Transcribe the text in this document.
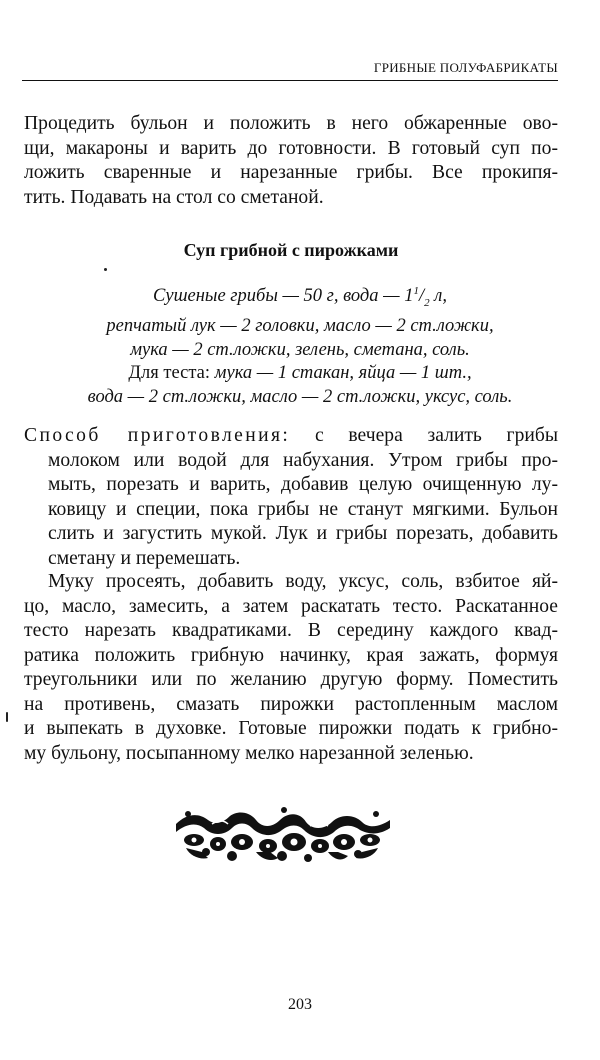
ГРИБНЫЕ ПОЛУФАБРИКАТЫ
Процедить бульон и положить в него обжаренные ово-
щи, макароны и варить до готовности. В готовый суп по-
ложить сваренные и нарезанные грибы. Все прокипя-
тить. Подавать на стол со сметаной.
Суп грибной с пирожками
Сушеные грибы — 50 г, вода — $1^1/_2$ л,
репчатый лук — 2 головки, масло — 2 ст.ложки,
мука — 2 ст.ложки, зелень, сметана, соль.
Для теста: мука — 1 стакан, яйца — 1 шт.,
вода — 2 ст.ложки, масло — 2 ст.ложки, уксус, соль.
Способ приготовления: с вечера залить грибы
молоком или водой для набухания. Утром грибы про-
мыть, порезать и варить, добавив целую очищенную лу-
ковицу и специи, пока грибы не станут мягкими. Бульон
слить и загустить мукой. Лук и грибы порезать, добавить
сметану и перемешать.
Муку просеять, добавить воду, уксус, соль, взбитое яй-
цо, масло, замесить, а затем раскатать тесто. Раскатанное
тесто нарезать квадратиками. В середину каждого квад-
ратика положить грибную начинку, края зажать, формуя
треугольники или по желанию другую форму. Поместить
на противень, смазать пирожки растопленным маслом
и выпекать в духовке. Готовые пирожки подать к грибно-
му бульону, посыпанному мелко нарезанной зеленью.
203
